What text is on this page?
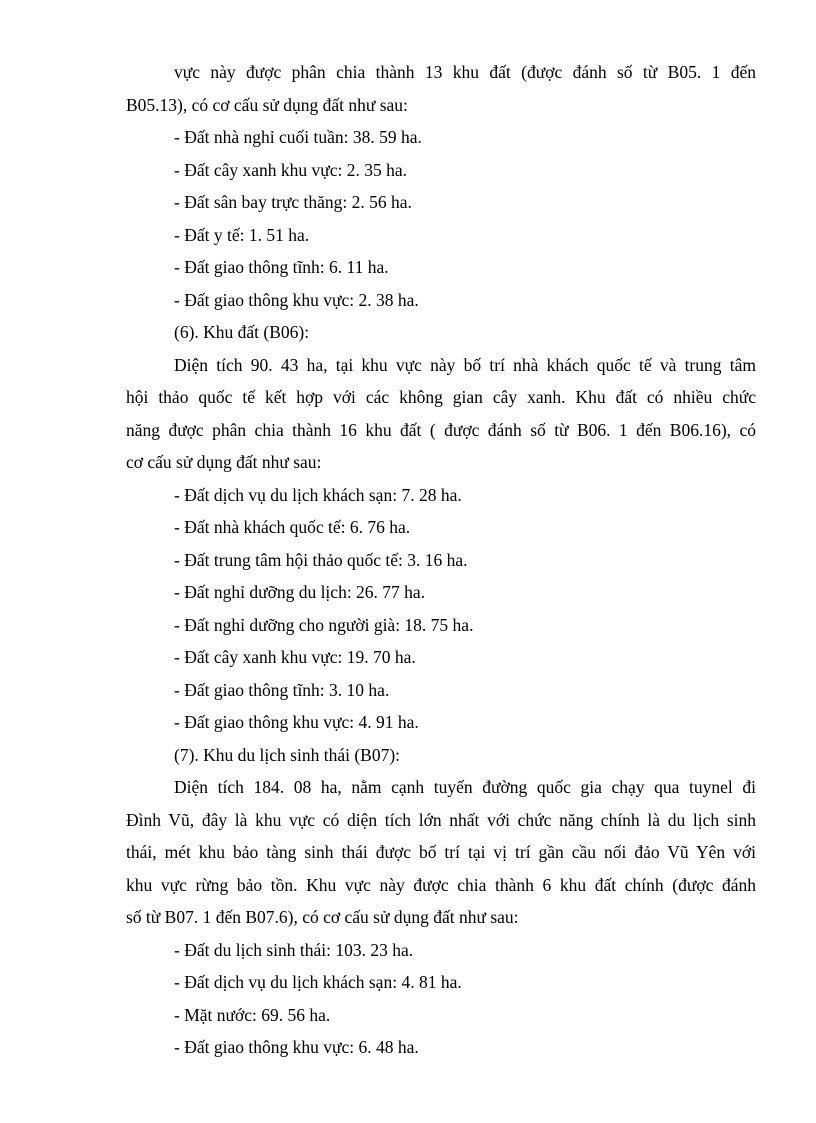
vực này được phân chia thành 13 khu đất (được đánh số từ B05. 1 đến

B05.13), có cơ cấu sử dụng đất như sau:

- Đất nhà nghỉ cuối tuần: 38. 59 ha.

- Đất cây xanh khu vực: 2. 35 ha.

- Đất sân bay trực thăng: 2. 56 ha.

- Đất y tế: 1. 51 ha.

- Đất giao thông tĩnh: 6. 11 ha.

- Đất giao thông khu vực: 2. 38 ha.

(6). Khu đất (B06):

Diện tích 90. 43 ha, tại khu vực này bố trí nhà khách quốc tế và trung tâm

hội thảo quốc tế kết hợp với các không gian cây xanh. Khu đất có nhiều chức

năng được phân chia thành 16 khu đất ( được đánh số từ B06. 1 đến B06.16), có

cơ cấu sử dụng đất như sau:

- Đất dịch vụ du lịch khách sạn: 7. 28 ha.

- Đất nhà khách quốc tế: 6. 76 ha.

- Đất trung tâm hội thảo quốc tế: 3. 16 ha.

- Đất nghỉ dưỡng du lịch: 26. 77 ha.

- Đất nghỉ dưỡng cho người già: 18. 75 ha.

- Đất cây xanh khu vực: 19. 70 ha.

- Đất giao thông tĩnh: 3. 10 ha.

- Đất giao thông khu vực: 4. 91 ha.

(7). Khu du lịch sinh thái (B07):

Diện tích 184. 08 ha, nằm cạnh tuyến đường quốc gia chạy qua tuynel đi

Đình Vũ, đây là khu vực có diện tích lớn nhất với chức năng chính là du lịch sinh

thái, mét khu bảo tàng sinh thái được bố trí tại vị trí gần cầu nối đảo Vũ Yên với

khu vực rừng bảo tồn. Khu vực này được chia thành 6 khu đất chính (được đánh

số từ B07. 1 đến B07.6), có cơ cấu sử dụng đất như sau:

- Đất du lịch sinh thái: 103. 23 ha.

- Đất dịch vụ du lịch khách sạn: 4. 81 ha.

- Mặt nước: 69. 56 ha.

- Đất giao thông khu vực: 6. 48 ha.
